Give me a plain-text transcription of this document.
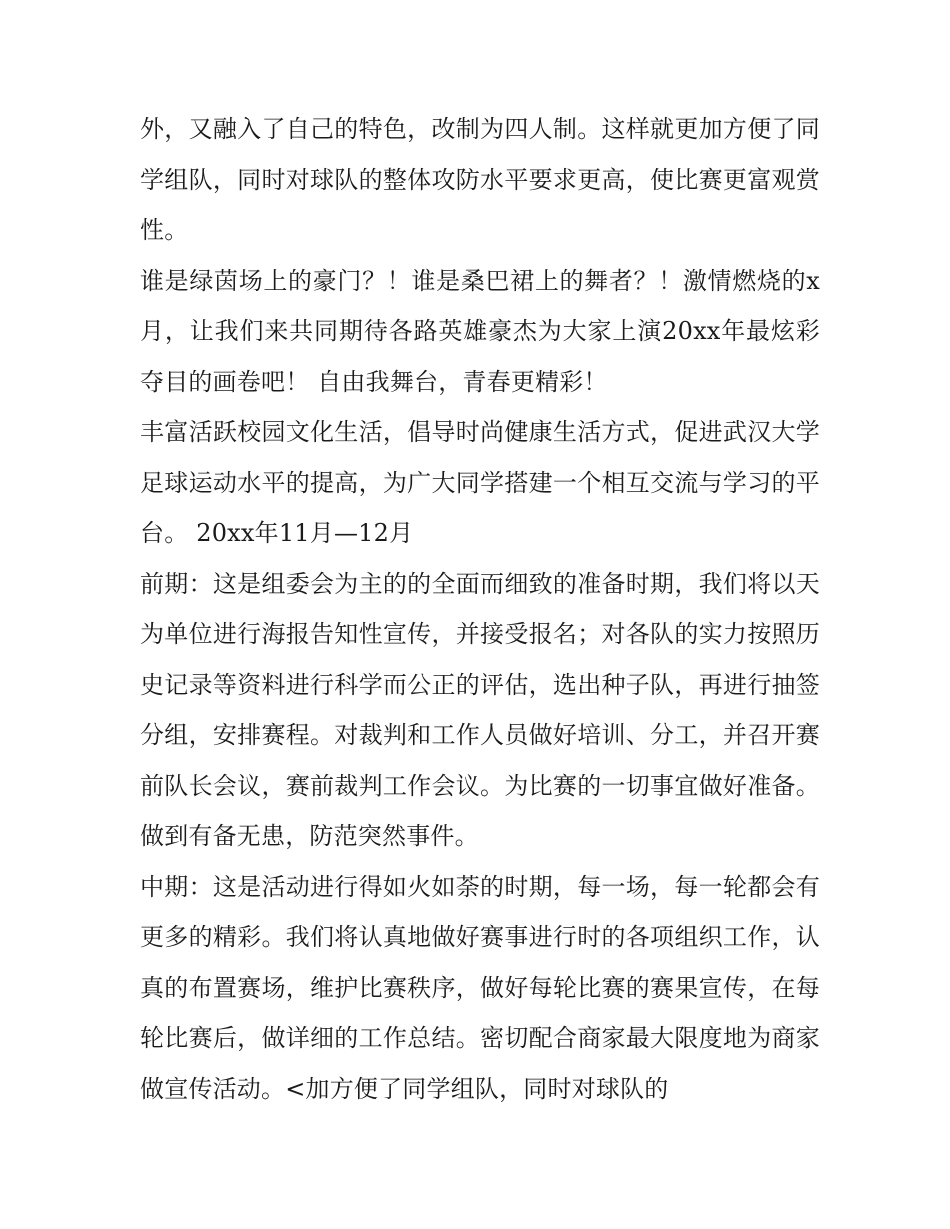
外，又融入了自己的特色，改制为四人制。这样就更加方便了同学组队，同时对球队的整体攻防水平要求更高，使比赛更富观赏性。

谁是绿茵场上的豪门？！谁是桑巴裙上的舞者？！激情燃烧的x月，让我们来共同期待各路英雄豪杰为大家上演20xx年最炫彩夺目的画卷吧！ 自由我舞台，青春更精彩！

丰富活跃校园文化生活，倡导时尚健康生活方式，促进武汉大学足球运动水平的提高，为广大同学搭建一个相互交流与学习的平台。 20xx年11月—12月

前期：这是组委会为主的的全面而细致的准备时期，我们将以天为单位进行海报告知性宣传，并接受报名；对各队的实力按照历史记录等资料进行科学而公正的评估，选出种子队，再进行抽签分组，安排赛程。对裁判和工作人员做好培训、分工，并召开赛前队长会议，赛前裁判工作会议。为比赛的一切事宜做好准备。做到有备无患，防范突然事件。

中期：这是活动进行得如火如荼的时期，每一场，每一轮都会有更多的精彩。我们将认真地做好赛事进行时的各项组织工作，认真的布置赛场，维护比赛秩序，做好每轮比赛的赛果宣传，在每轮比赛后，做详细的工作总结。密切配合商家最大限度地为商家做宣传活动。<加方便了同学组队，同时对球队的
